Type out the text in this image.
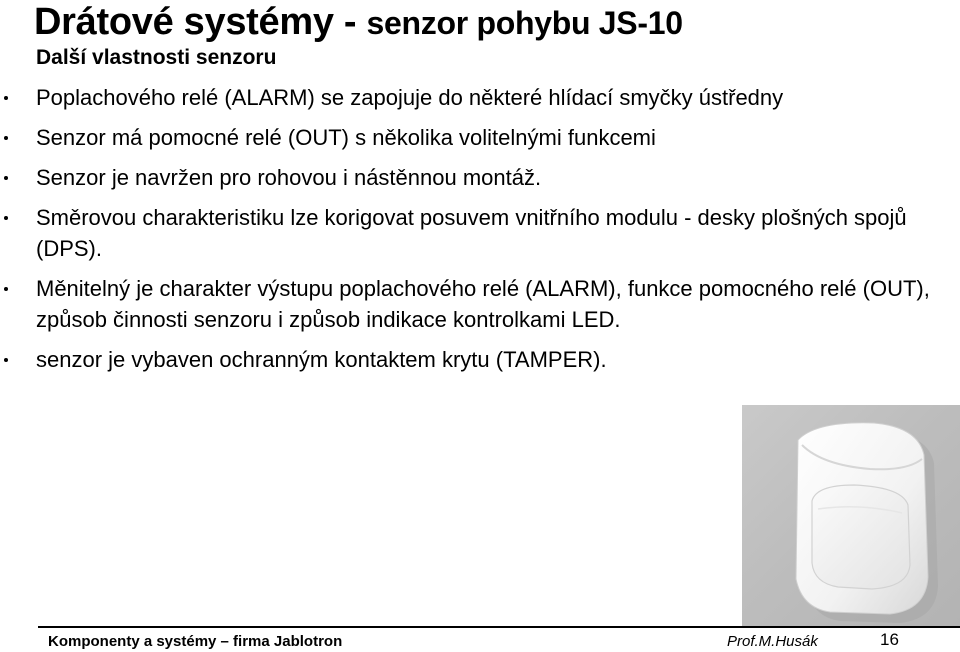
Drátové systémy - senzor pohybu JS-10
Další vlastnosti senzoru
Poplachového relé (ALARM) se zapojuje do některé hlídací smyčky ústředny
Senzor má pomocné relé (OUT) s několika volitelnými funkcemi
Senzor je navržen pro rohovou i nástěnnou montáž.
Směrovou charakteristiku lze korigovat posuvem vnitřního modulu - desky plošných spojů (DPS).
Měnitelný je charakter výstupu poplachového relé (ALARM), funkce pomocného relé (OUT), způsob činnosti senzoru i způsob indikace kontrolkami LED.
senzor je vybaven ochranným kontaktem krytu (TAMPER).
Komponenty a systémy – firma Jablotron	Prof.M.Husák	16
